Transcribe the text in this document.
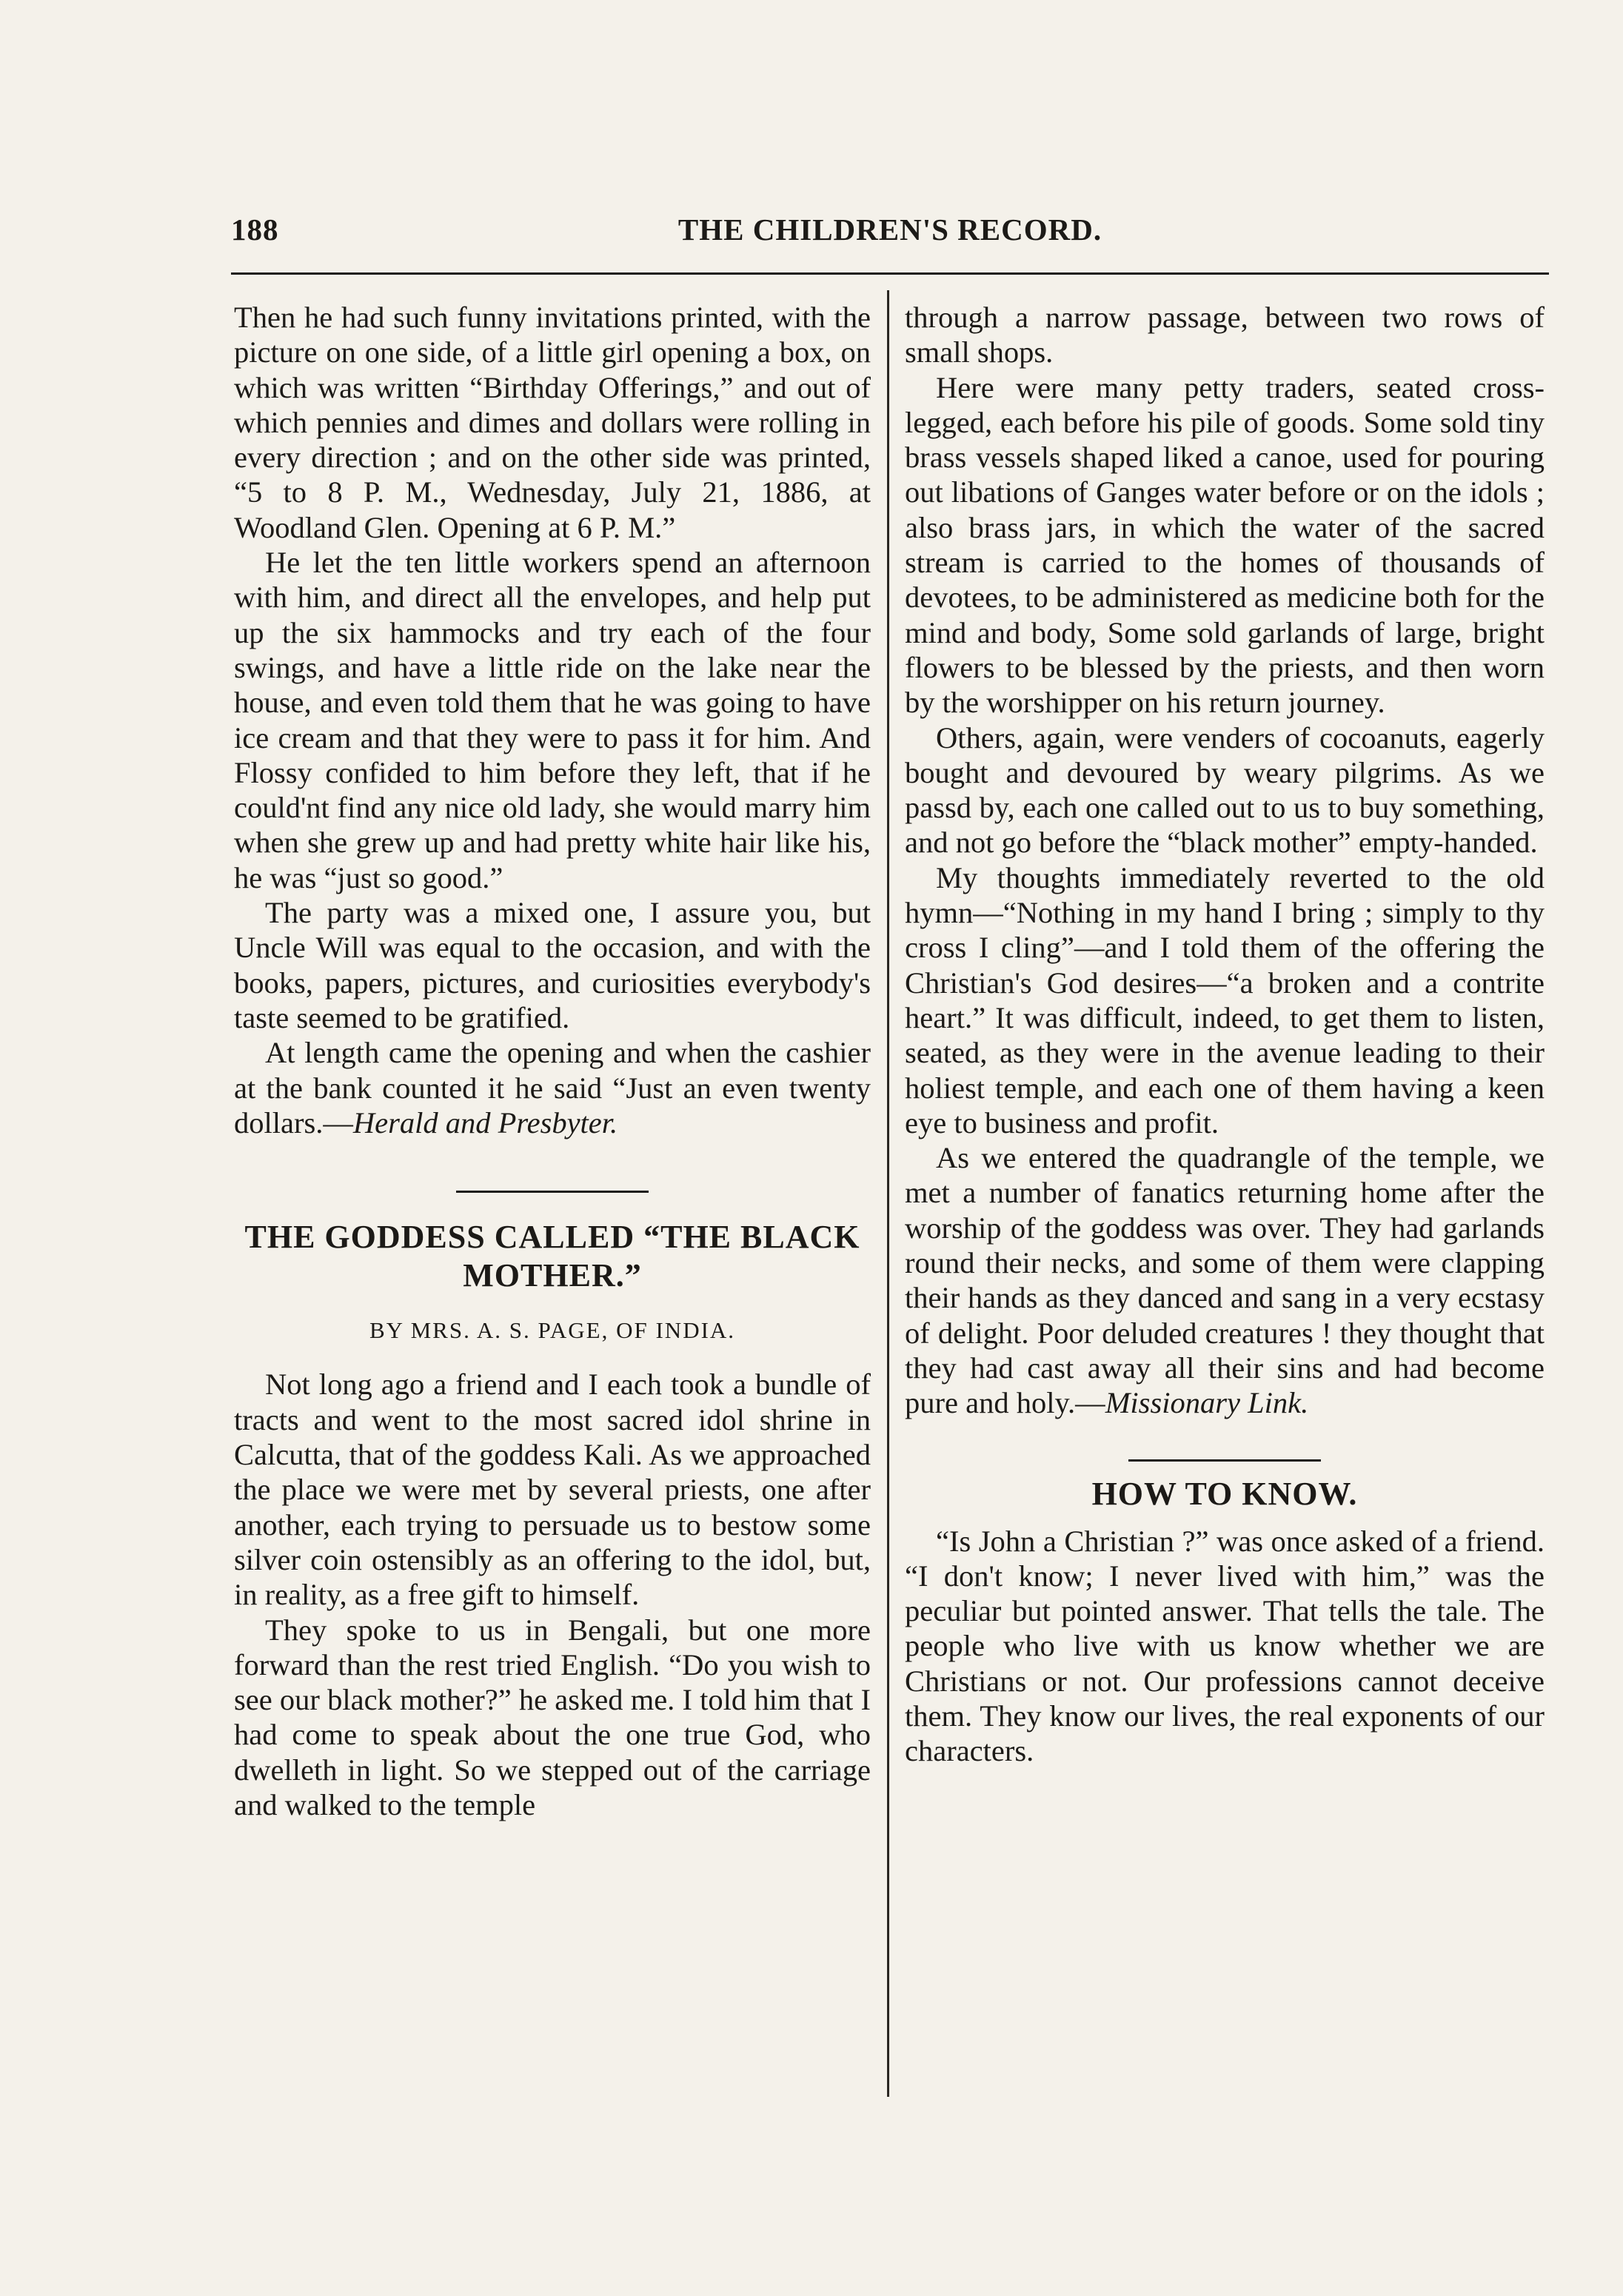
188	THE CHILDREN'S RECORD.

Then he had such funny invitations printed, with the picture on one side, of a little girl opening a box, on which was written “Birthday Offerings,” and out of which pennies and dimes and dollars were rolling in every direction ; and on the other side was printed, “5 to 8 P. M., Wednesday, July 21, 1886, at Woodland Glen. Opening at 6 P. M.”

He let the ten little workers spend an afternoon with him, and direct all the envelopes, and help put up the six hammocks and try each of the four swings, and have a little ride on the lake near the house, and even told them that he was going to have ice cream and that they were to pass it for him. And Flossy confided to him before they left, that if he could'nt find any nice old lady, she would marry him when she grew up and had pretty white hair like his, he was “just so good.”

The party was a mixed one, I assure you, but Uncle Will was equal to the occasion, and with the books, papers, pictures, and curiosities everybody's taste seemed to be gratified.

At length came the opening and when the cashier at the bank counted it he said “Just an even twenty dollars.—Herald and Presbyter.

THE GODDESS CALLED “THE BLACK MOTHER.”
BY MRS. A. S. PAGE, OF INDIA.

Not long ago a friend and I each took a bundle of tracts and went to the most sacred idol shrine in Calcutta, that of the goddess Kali. As we approached the place we were met by several priests, one after another, each trying to persuade us to bestow some silver coin ostensibly as an offering to the idol, but, in reality, as a free gift to himself.

They spoke to us in Bengali, but one more forward than the rest tried English. “Do you wish to see our black mother?” he asked me. I told him that I had come to speak about the one true God, who dwelleth in light. So we stepped out of the carriage and walked to the temple

through a narrow passage, between two rows of small shops.

Here were many petty traders, seated cross-legged, each before his pile of goods. Some sold tiny brass vessels shaped liked a canoe, used for pouring out libations of Ganges water before or on the idols ; also brass jars, in which the water of the sacred stream is carried to the homes of thousands of devotees, to be administered as medicine both for the mind and body, Some sold garlands of large, bright flowers to be blessed by the priests, and then worn by the worshipper on his return journey.

Others, again, were venders of cocoanuts, eagerly bought and devoured by weary pilgrims. As we passd by, each one called out to us to buy something, and not go before the “black mother” empty-handed.

My thoughts immediately reverted to the old hymn—“Nothing in my hand I bring ; simply to thy cross I cling”—and I told them of the offering the Christian's God desires—“a broken and a contrite heart.” It was difficult, indeed, to get them to listen, seated, as they were in the avenue leading to their holiest temple, and each one of them having a keen eye to business and profit.

As we entered the quadrangle of the temple, we met a number of fanatics returning home after the worship of the goddess was over. They had garlands round their necks, and some of them were clapping their hands as they danced and sang in a very ecstasy of delight. Poor deluded creatures ! they thought that they had cast away all their sins and had become pure and holy.—Missionary Link.

HOW TO KNOW.

“Is John a Christian ?” was once asked of a friend. “I don't know; I never lived with him,” was the peculiar but pointed answer. That tells the tale. The people who live with us know whether we are Christians or not. Our professions cannot deceive them. They know our lives, the real exponents of our characters.
